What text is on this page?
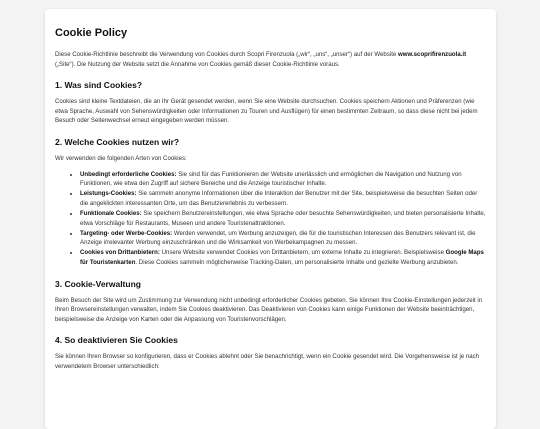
Cookie Policy

Diese Cookie-Richtlinie beschreibt die Verwendung von Cookies durch Scopri Firenzuola („wir“, „uns“, „unser“) auf der Website www.scoprifirenzuola.it („Site“). Die Nutzung der Website setzt die Annahme von Cookies gemäß dieser Cookie-Richtlinie voraus.

1. Was sind Cookies?

Cookies sind kleine Textdateien, die an Ihr Gerät gesendet werden, wenn Sie eine Website durchsuchen. Cookies speichern Aktionen und Präferenzen (wie etwa Sprache, Auswahl von Sehenswürdigkeiten oder Informationen zu Touren und Ausflügen) für einen bestimmten Zeitraum, so dass diese nicht bei jedem Besuch oder Seitenwechsel erneut eingegeben werden müssen.

2. Welche Cookies nutzen wir?

Wir verwenden die folgenden Arten von Cookies:

• Unbedingt erforderliche Cookies: Sie sind für das Funktionieren der Website unerlässlich und ermöglichen die Navigation und Nutzung von Funktionen, wie etwa den Zugriff auf sichere Bereiche und die Anzeige touristischer Inhalte.
• Leistungs-Cookies: Sie sammeln anonyme Informationen über die Interaktion der Benutzer mit der Site, beispielsweise die besuchten Seiten oder die angeklickten interessanten Orte, um das Benutzererlebnis zu verbessern.
• Funktionale Cookies: Sie speichern Benutzereinstellungen, wie etwa Sprache oder besuchte Sehenswürdigkeiten, und bieten personalisierte Inhalte, etwa Vorschläge für Restaurants, Museen und andere Touristenattraktionen.
• Targeting- oder Werbe-Cookies: Werden verwendet, um Werbung anzuzeigen, die für die touristischen Interessen des Benutzers relevant ist, die Anzeige irrelevanter Werbung einzuschränken und die Wirksamkeit von Werbekampagnen zu messen.
• Cookies von Drittanbietern: Unsere Website verwendet Cookies von Drittanbietern, um externe Inhalte zu integrieren. Beispielsweise Google Maps für Touristenkarten. Diese Cookies sammeln möglicherweise Tracking-Daten, um personalisierte Inhalte und gezielte Werbung anzubieten.
3. Cookie-Verwaltung

Beim Besuch der Site wird um Zustimmung zur Verwendung nicht unbedingt erforderlicher Cookies gebeten. Sie können Ihre Cookie-Einstellungen jederzeit in Ihren Browsereinstellungen verwalten, indem Sie Cookies deaktivieren. Das Deaktivieren von Cookies kann einige Funktionen der Website beeinträchtigen, beispielsweise die Anzeige von Karten oder die Anpassung von Touristenvorschlägen.

4. So deaktivieren Sie Cookies

Sie können Ihren Browser so konfigurieren, dass er Cookies ablehnt oder Sie benachrichtigt, wenn ein Cookie gesendet wird. Die Vorgehensweise ist je nach verwendetem Browser unterschiedlich:
